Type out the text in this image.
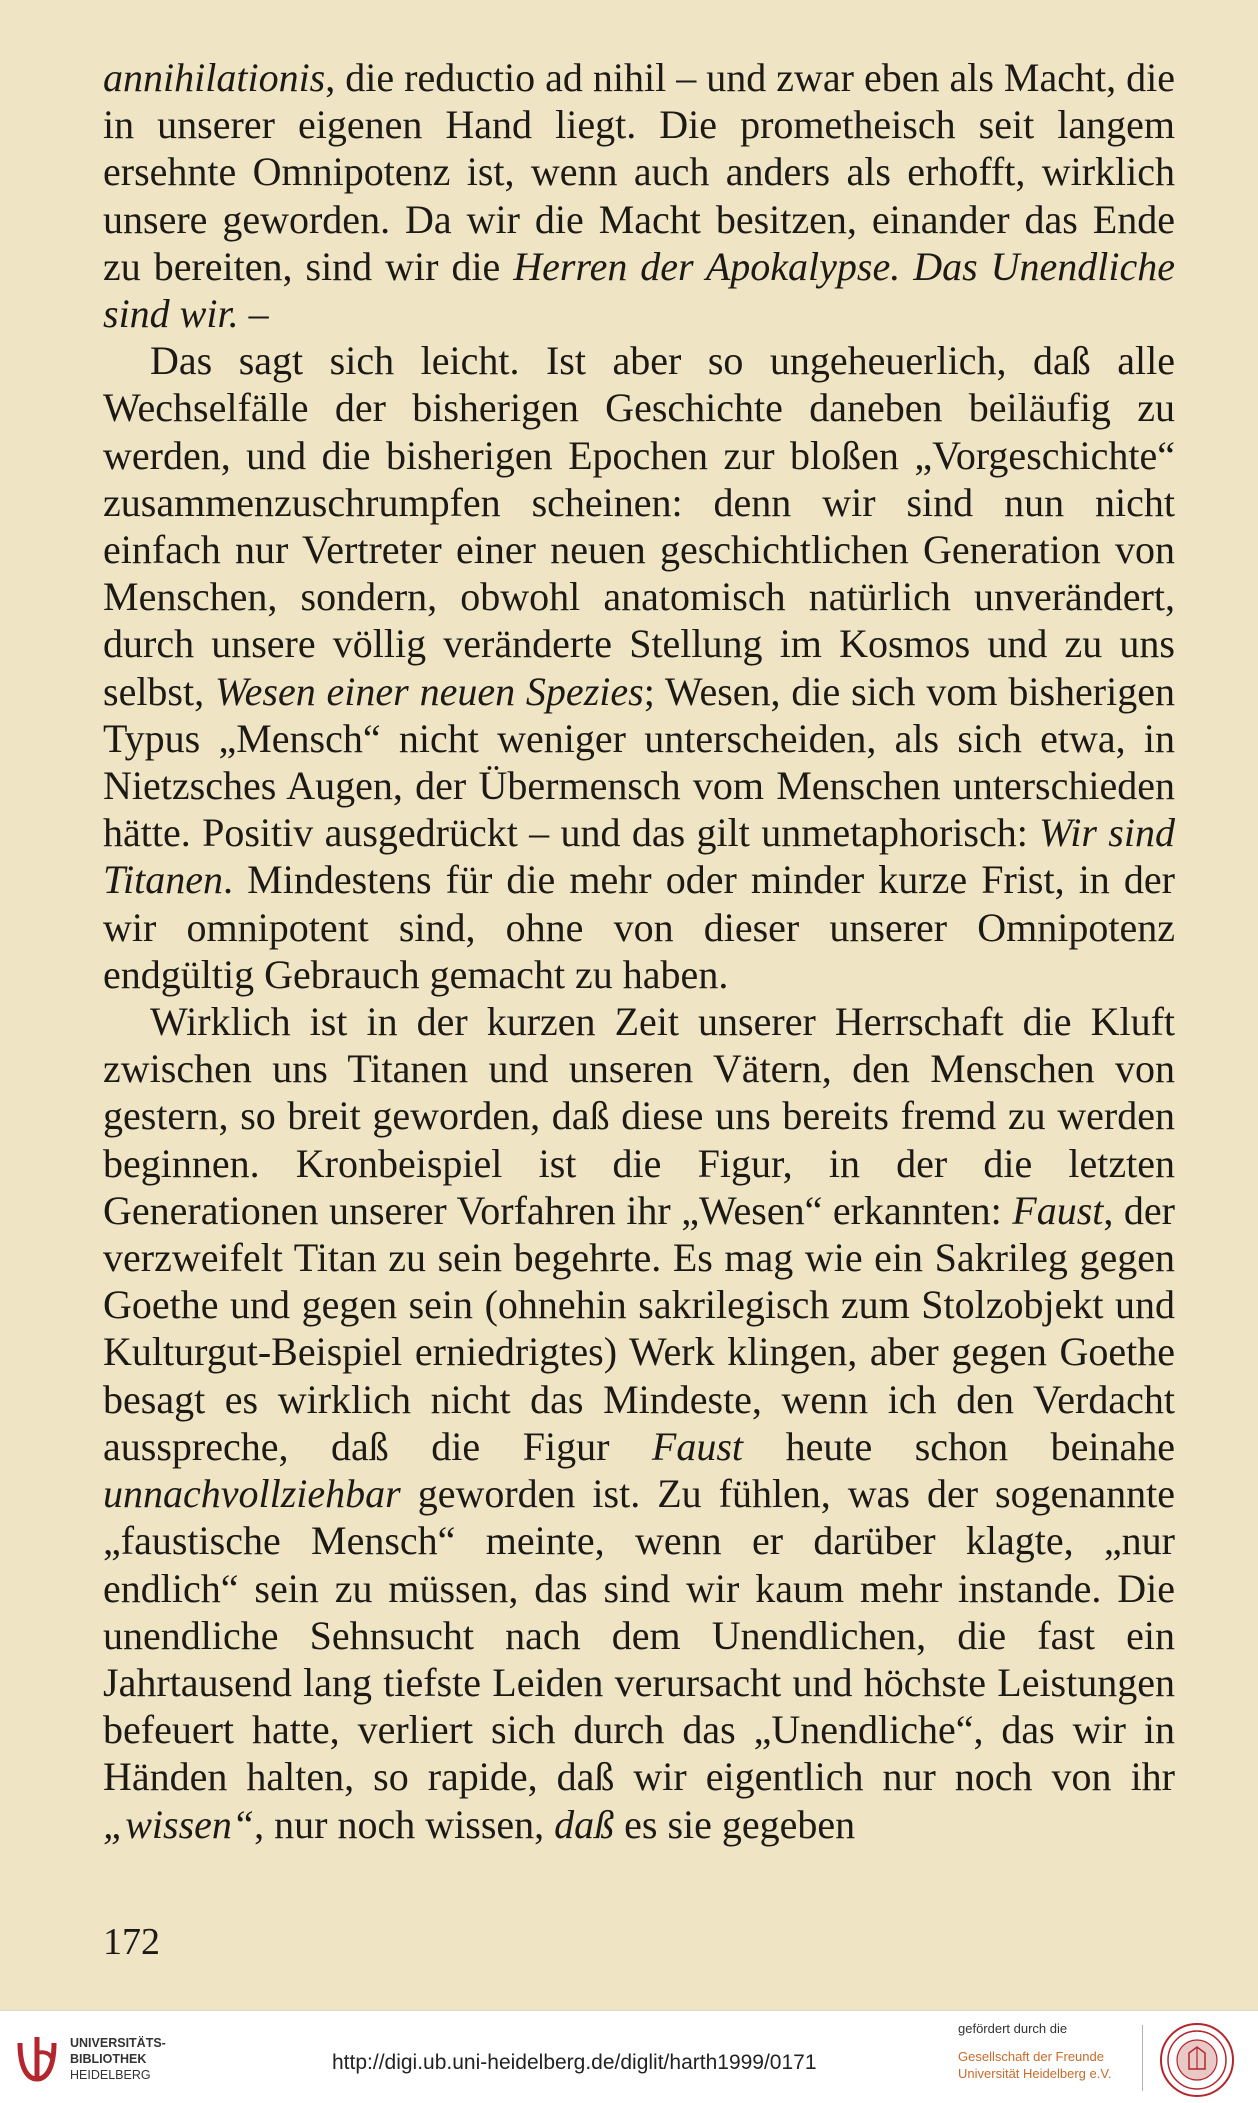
annihilationis, die reductio ad nihil – und zwar eben als Macht, die in unserer eigenen Hand liegt. Die prometheisch seit langem ersehnte Omnipotenz ist, wenn auch anders als erhofft, wirklich unsere geworden. Da wir die Macht besitzen, einander das Ende zu bereiten, sind wir die Herren der Apokalypse. Das Unendliche sind wir. –

Das sagt sich leicht. Ist aber so ungeheuerlich, daß alle Wechselfälle der bisherigen Geschichte daneben beiläufig zu werden, und die bisherigen Epochen zur bloßen „Vorgeschichte“ zusammenzuschrumpfen scheinen: denn wir sind nun nicht einfach nur Vertreter einer neuen geschichtlichen Generation von Menschen, sondern, obwohl anatomisch natürlich unverändert, durch unsere völlig veränderte Stellung im Kosmos und zu uns selbst, Wesen einer neuen Spezies; Wesen, die sich vom bisherigen Typus „Mensch“ nicht weniger unterscheiden, als sich etwa, in Nietzsches Augen, der Übermensch vom Menschen unterschieden hätte. Positiv ausgedrückt – und das gilt unmetaphorisch: Wir sind Titanen. Mindestens für die mehr oder minder kurze Frist, in der wir omnipotent sind, ohne von dieser unserer Omnipotenz endgültig Gebrauch gemacht zu haben.

Wirklich ist in der kurzen Zeit unserer Herrschaft die Kluft zwischen uns Titanen und unseren Vätern, den Menschen von gestern, so breit geworden, daß diese uns bereits fremd zu werden beginnen. Kronbeispiel ist die Figur, in der die letzten Generationen unserer Vorfahren ihr „Wesen“ erkannten: Faust, der verzweifelt Titan zu sein begehrte. Es mag wie ein Sakrileg gegen Goethe und gegen sein (ohnehin sakrilegisch zum Stolzobjekt und Kulturgut-Beispiel erniedrigtes) Werk klingen, aber gegen Goethe besagt es wirklich nicht das Mindeste, wenn ich den Verdacht ausspreche, daß die Figur Faust heute schon beinahe unnachvollziehbar geworden ist. Zu fühlen, was der sogenannte „faustische Mensch“ meinte, wenn er darüber klagte, „nur endlich“ sein zu müssen, das sind wir kaum mehr instande. Die unendliche Sehnsucht nach dem Unendlichen, die fast ein Jahrtausend lang tiefste Leiden verursacht und höchste Leistungen befeuert hatte, verliert sich durch das „Unendliche“, das wir in Händen halten, so rapide, daß wir eigentlich nur noch von ihr „wissen“, nur noch wissen, daß es sie gegeben

172
UNIVERSITÄTS-
BIBLIOTHEK
HEIDELBERG
http://digi.ub.uni-heidelberg.de/diglit/harth1999/0171
gefördert durch die
Gesellschaft der Freunde
Universität Heidelberg e.V.
